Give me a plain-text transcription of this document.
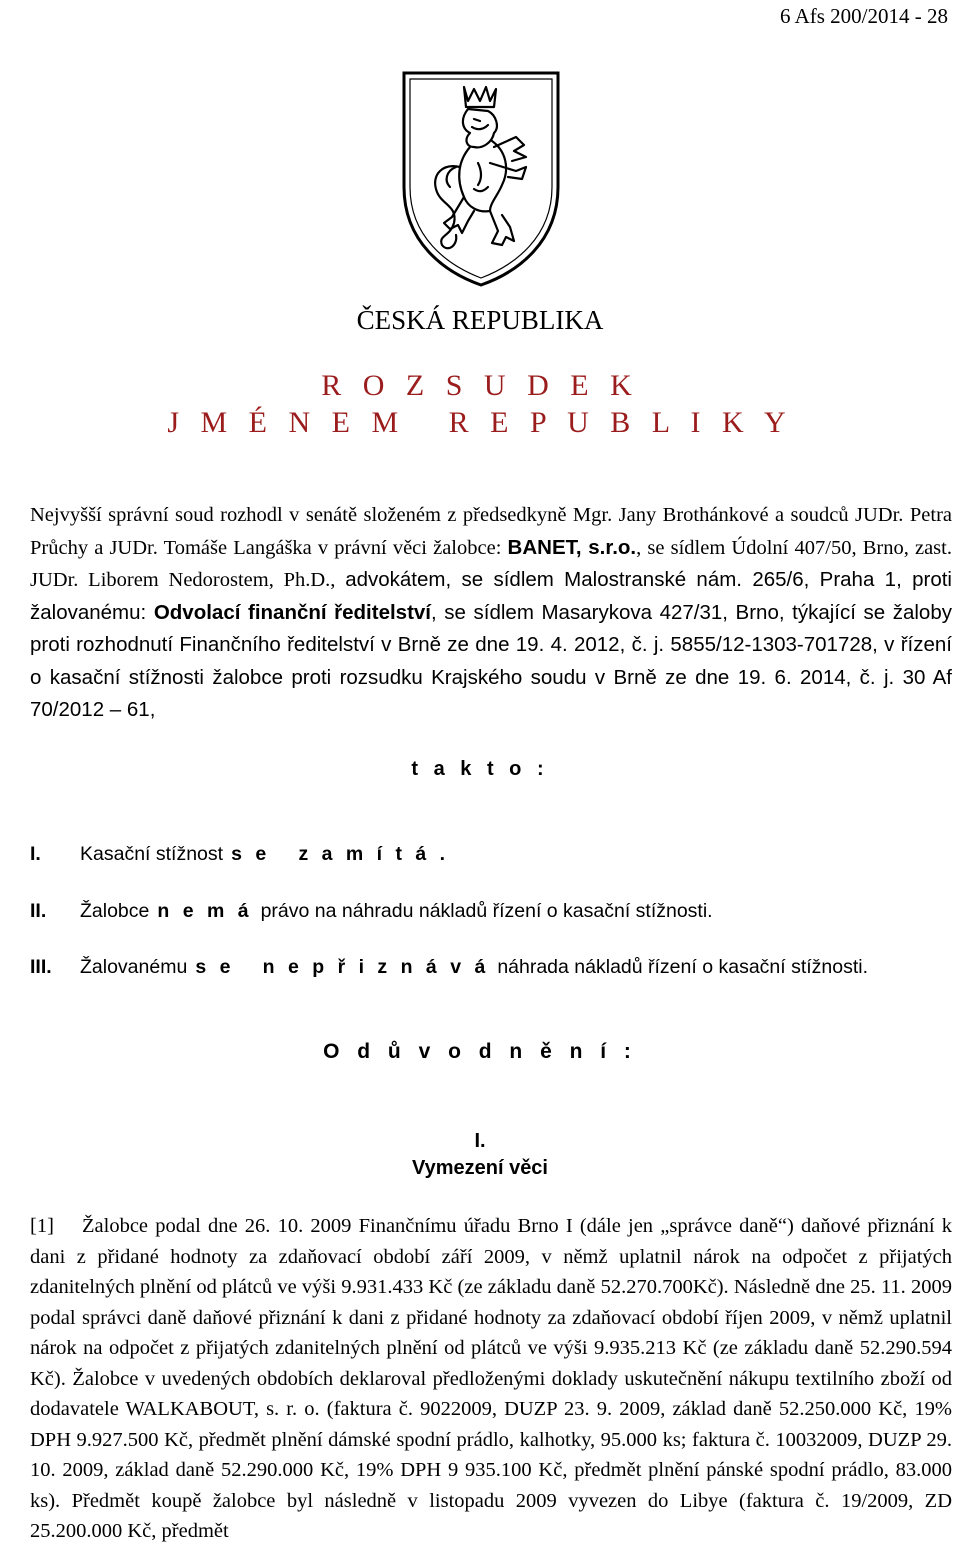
6 Afs 200/2014 - 28
ČESKÁ REPUBLIKA
R O Z S U D E K
J M É N E M   R E P U B L I K Y
Nejvyšší správní soud rozhodl v senátě složeném z předsedkyně Mgr. Jany Brothánkové a soudců JUDr. Petra Průchy a JUDr. Tomáše Langáška v právní věci žalobce: BANET, s.r.o., se sídlem Údolní 407/50, Brno, zast. JUDr. Liborem Nedorostem, Ph.D., advokátem, se sídlem Malostranské nám. 265/6, Praha 1, proti žalovanému: Odvolací finanční ředitelství, se sídlem Masarykova 427/31, Brno, týkající se žaloby proti rozhodnutí Finančního ředitelství v Brně ze dne 19. 4. 2012, č. j. 5855/12-1303-701728, v řízení o kasační stížnosti žalobce proti rozsudku Krajského soudu v Brně ze dne 19. 6. 2014, č. j. 30 Af 70/2012 – 61,
t a k t o :
I. Kasační stížnost s e   z a m í t á .
II. Žalobce n e m á právo na náhradu nákladů řízení o kasační stížnosti.
III. Žalovanému s e   n e p ř i z n á v á náhrada nákladů řízení o kasační stížnosti.
O d ů v o d n ě n í :
I.
Vymezení věci
[1] Žalobce podal dne 26. 10. 2009 Finančnímu úřadu Brno I (dále jen „správce daně“) daňové přiznání k dani z přidané hodnoty za zdaňovací období září 2009, v němž uplatnil nárok na odpočet z přijatých zdanitelných plnění od plátců ve výši 9.931.433 Kč (ze základu daně 52.270.700Kč). Následně dne 25. 11. 2009 podal správci daně daňové přiznání k dani z přidané hodnoty za zdaňovací období říjen 2009, v němž uplatnil nárok na odpočet z přijatých zdanitelných plnění od plátců ve výši 9.935.213 Kč (ze základu daně 52.290.594 Kč). Žalobce v uvedených obdobích deklaroval předloženými doklady uskutečnění nákupu textilního zboží od dodavatele WALKABOUT, s. r. o. (faktura č. 9022009, DUZP 23. 9. 2009, základ daně 52.250.000 Kč, 19% DPH 9.927.500 Kč, předmět plnění dámské spodní prádlo, kalhotky, 95.000 ks; faktura č. 10032009, DUZP 29. 10. 2009, základ daně 52.290.000 Kč, 19% DPH 9 935.100 Kč, předmět plnění pánské spodní prádlo, 83.000 ks). Předmět koupě žalobce byl následně v listopadu 2009 vyvezen do Libye (faktura č. 19/2009, ZD 25.200.000 Kč, předmět
